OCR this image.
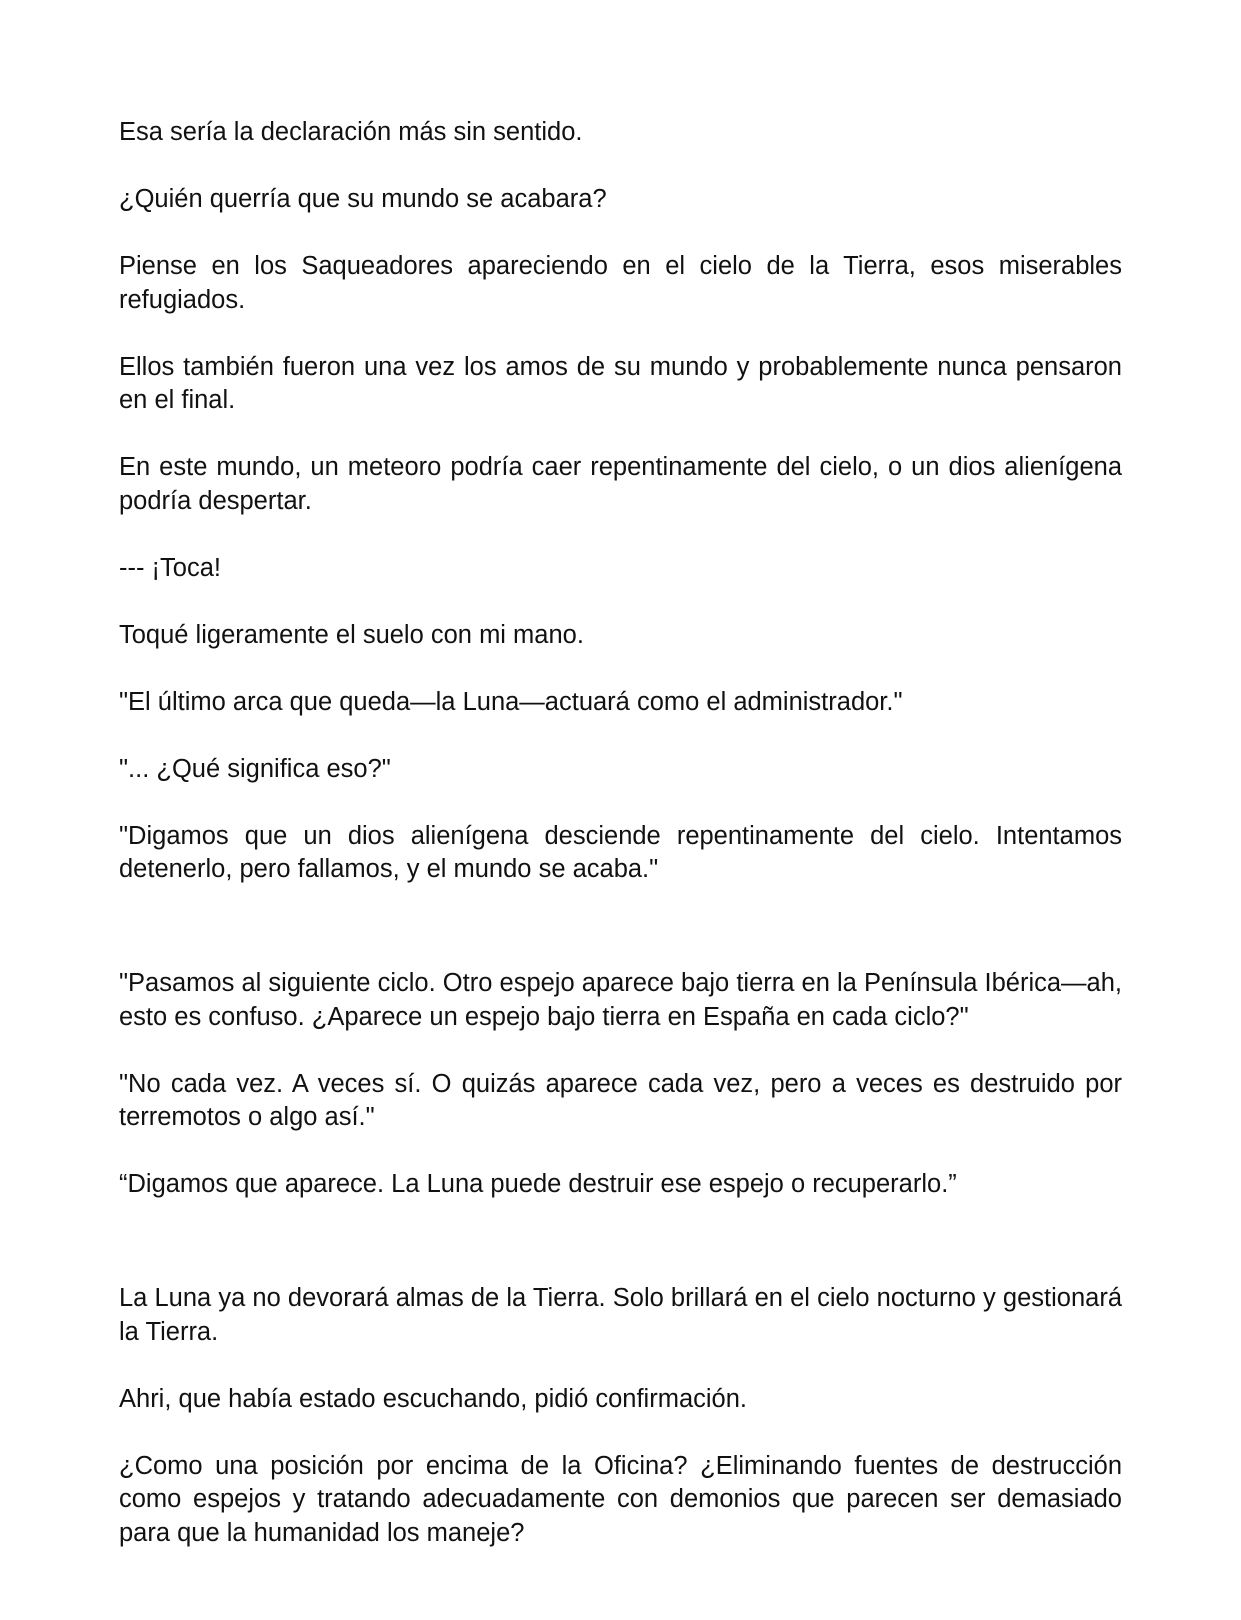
Esa sería la declaración más sin sentido.

¿Quién querría que su mundo se acabara?

Piense en los Saqueadores apareciendo en el cielo de la Tierra, esos miserables refugiados.

Ellos también fueron una vez los amos de su mundo y probablemente nunca pensaron en el final.

En este mundo, un meteoro podría caer repentinamente del cielo, o un dios alienígena podría despertar.

--- ¡Toca!

Toqué ligeramente el suelo con mi mano.

"El último arca que queda—la Luna—actuará como el administrador."

"... ¿Qué significa eso?"

"Digamos que un dios alienígena desciende repentinamente del cielo. Intentamos detenerlo, pero fallamos, y el mundo se acaba."

"Pasamos al siguiente ciclo. Otro espejo aparece bajo tierra en la Península Ibérica—ah, esto es confuso. ¿Aparece un espejo bajo tierra en España en cada ciclo?"

"No cada vez. A veces sí. O quizás aparece cada vez, pero a veces es destruido por terremotos o algo así."

“Digamos que aparece. La Luna puede destruir ese espejo o recuperarlo.”

La Luna ya no devorará almas de la Tierra. Solo brillará en el cielo nocturno y gestionará la Tierra.

Ahri, que había estado escuchando, pidió confirmación.

¿Como una posición por encima de la Oficina? ¿Eliminando fuentes de destrucción como espejos y tratando adecuadamente con demonios que parecen ser demasiado para que la humanidad los maneje?
